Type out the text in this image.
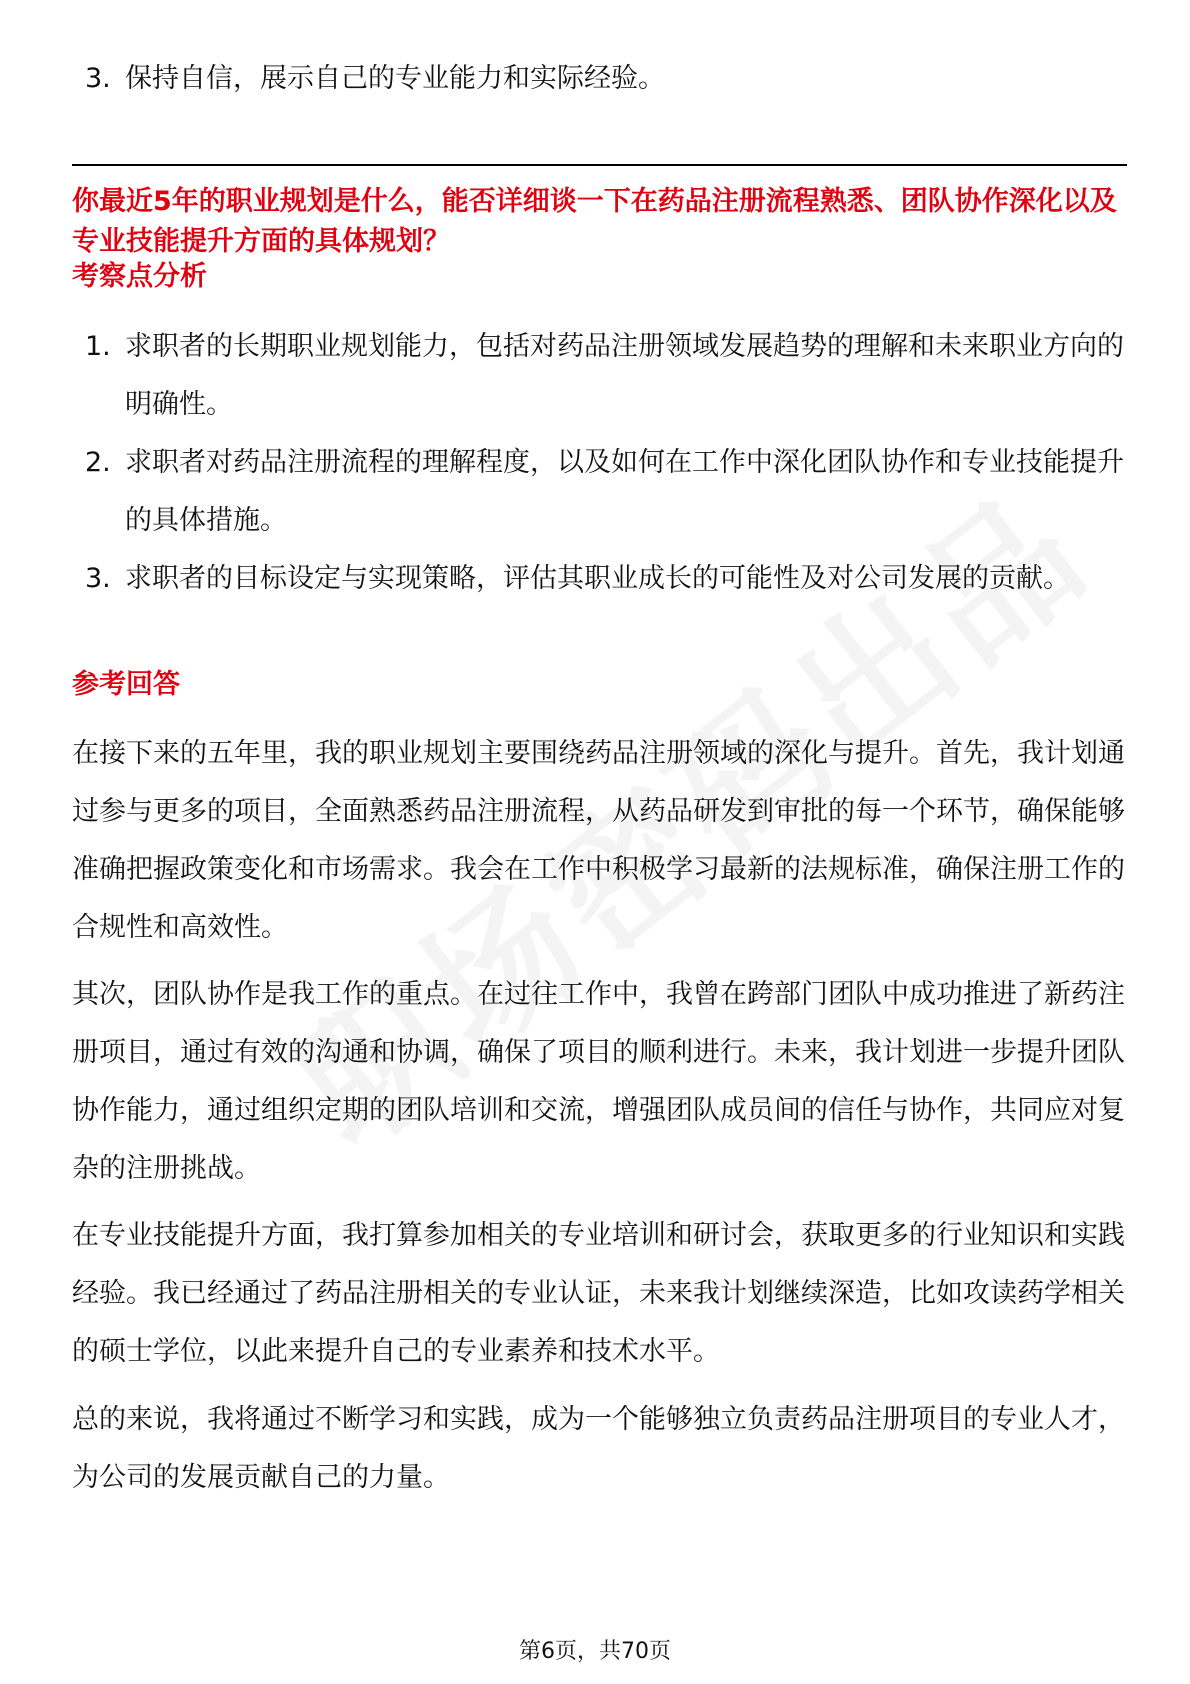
3. 保持自信，展示自己的专业能力和实际经验。
你最近5年的职业规划是什么，能否详细谈一下在药品注册流程熟悉、团队协作深化以及专业技能提升方面的具体规划？
考察点分析
1. 求职者的长期职业规划能力，包括对药品注册领域发展趋势的理解和未来职业方向的明确性。
2. 求职者对药品注册流程的理解程度，以及如何在工作中深化团队协作和专业技能提升的具体措施。
3. 求职者的目标设定与实现策略，评估其职业成长的可能性及对公司发展的贡献。
参考回答
在接下来的五年里，我的职业规划主要围绕药品注册领域的深化与提升。首先，我计划通过参与更多的项目，全面熟悉药品注册流程，从药品研发到审批的每一个环节，确保能够准确把握政策变化和市场需求。我会在工作中积极学习最新的法规标准，确保注册工作的合规性和高效性。
其次，团队协作是我工作的重点。在过往工作中，我曾在跨部门团队中成功推进了新药注册项目，通过有效的沟通和协调，确保了项目的顺利进行。未来，我计划进一步提升团队协作能力，通过组织定期的团队培训和交流，增强团队成员间的信任与协作，共同应对复杂的注册挑战。
在专业技能提升方面，我打算参加相关的专业培训和研讨会，获取更多的行业知识和实践经验。我已经通过了药品注册相关的专业认证，未来我计划继续深造，比如攻读药学相关的硕士学位，以此来提升自己的专业素养和技术水平。
总的来说，我将通过不断学习和实践，成为一个能够独立负责药品注册项目的专业人才，为公司的发展贡献自己的力量。
第6页，共70页
